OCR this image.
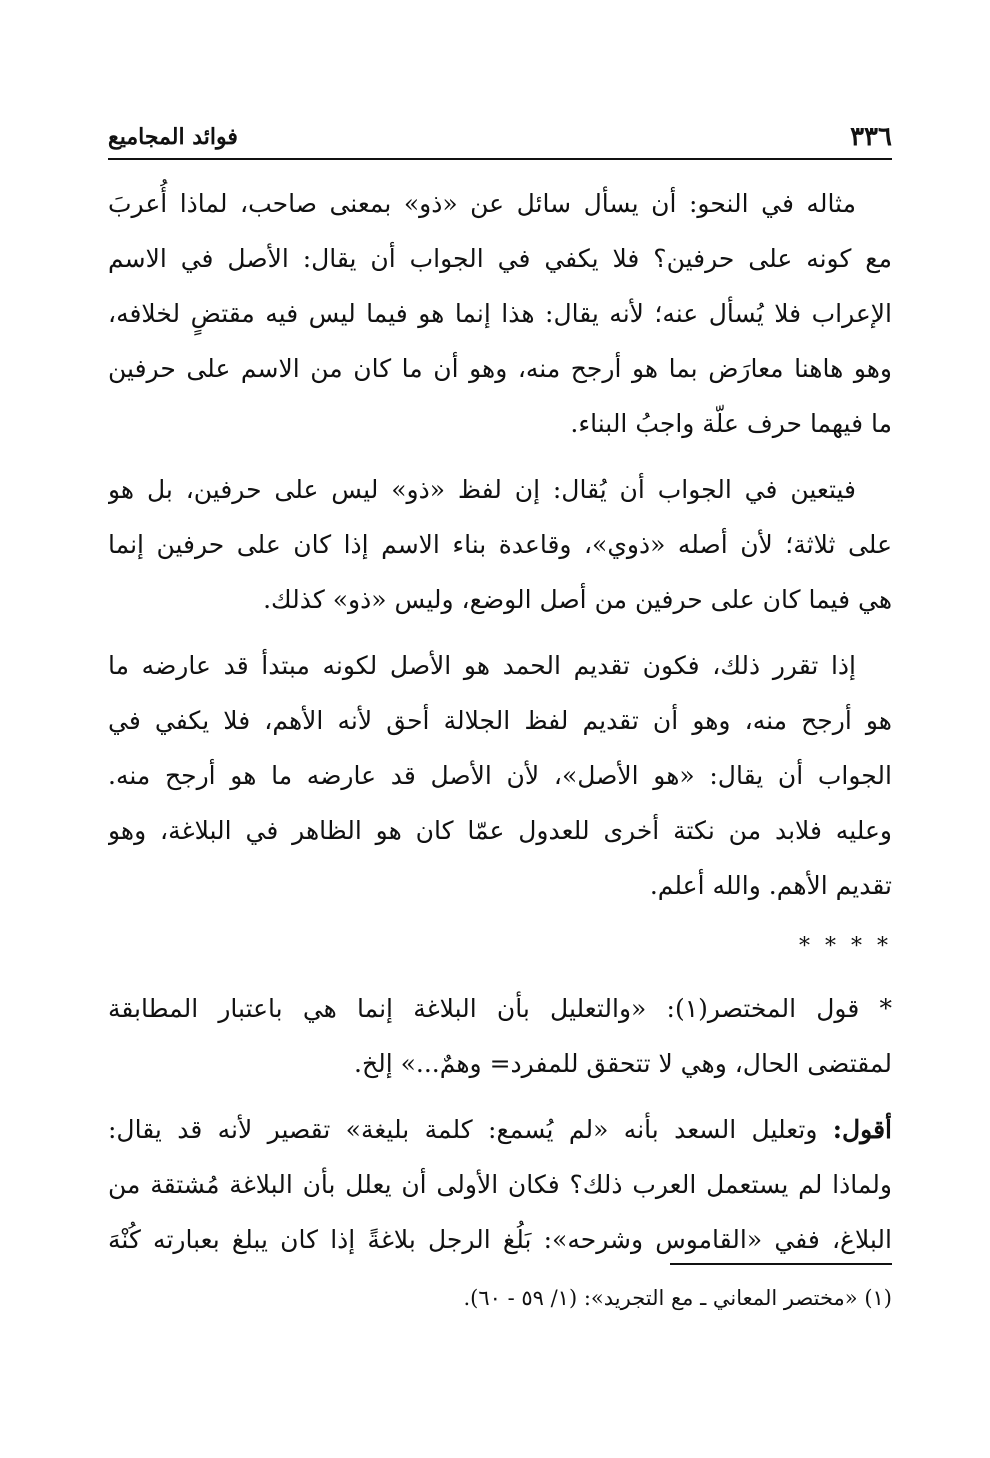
٣٣٦
فوائد المجاميع
مثاله في النحو: أن يسأل سائل عن «ذو» بمعنى صاحب، لماذا أُعربَ
مع كونه على حرفين؟ فلا يكفي في الجواب أن يقال: الأصل في الاسم
الإعراب فلا يُسأل عنه؛ لأنه يقال: هذا إنما هو فيما ليس فيه مقتضٍ لخلافه،
وهو هاهنا معارَض بما هو أرجح منه، وهو أن ما كان من الاسم على حرفين
ما فيهما حرف علّة واجبُ البناء.
فيتعين في الجواب أن يُقال: إن لفظ «ذو» ليس على حرفين، بل هو
على ثلاثة؛ لأن أصله «ذوي»، وقاعدة بناء الاسم إذا كان على حرفين إنما
هي فيما كان على حرفين من أصل الوضع، وليس «ذو» كذلك.
إذا تقرر ذلك، فكون تقديم الحمد هو الأصل لكونه مبتدأ قد عارضه ما
هو أرجح منه، وهو أن تقديم لفظ الجلالة أحق لأنه الأهم، فلا يكفي في
الجواب أن يقال: «هو الأصل»، لأن الأصل قد عارضه ما هو أرجح منه.
وعليه فلابد من نكتة أخرى للعدول عمّا كان هو الظاهر في البلاغة، وهو
تقديم الأهم. والله أعلم.
* * * *
* قول المختصر(١): «والتعليل بأن البلاغة إنما هي باعتبار المطابقة
لمقتضى الحال، وهي لا تتحقق للمفرد= وهمٌ...» إلخ.
أقول: وتعليل السعد بأنه «لم يُسمع: كلمة بليغة» تقصير لأنه قد يقال:
ولماذا لم يستعمل العرب ذلك؟ فكان الأولى أن يعلل بأن البلاغة مُشتقة من
البلاغ، ففي «القاموس وشرحه»: بَلُغ الرجل بلاغةً إذا كان يبلغ بعبارته كُنْهَ
(١) «مختصر المعاني ـ مع التجريد»: (١/ ٥٩ - ٦٠).
